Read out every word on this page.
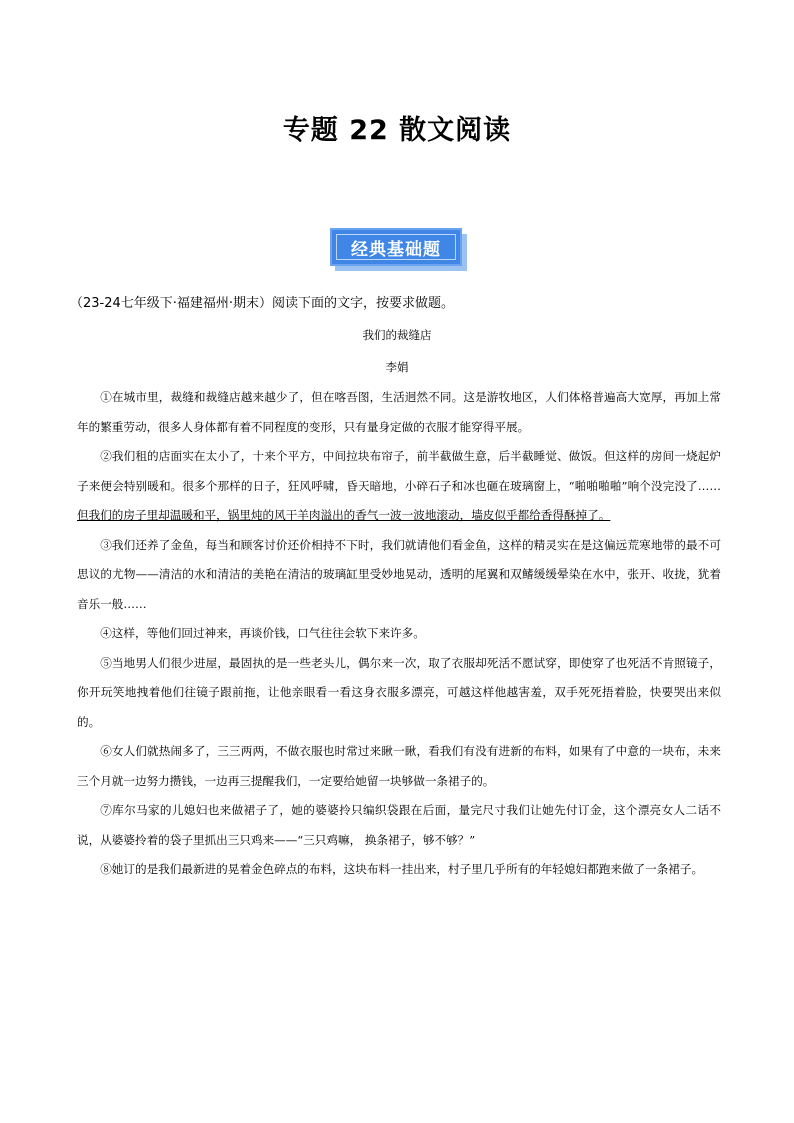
专题 22 散文阅读
经典基础题
（23-24七年级下·福建福州·期末）阅读下面的文字，按要求做题。
我们的裁缝店
李娟

①在城市里，裁缝和裁缝店越来越少了，但在喀吾图，生活迥然不同。这是游牧地区，人们体格普遍高大宽厚，再加上常年的繁重劳动，很多人身体都有着不同程度的变形，只有量身定做的衣服才能穿得平展。

②我们租的店面实在太小了，十来个平方，中间拉块布帘子，前半截做生意，后半截睡觉、做饭。但这样的房间一烧起炉子来便会特别暖和。很多个那样的日子，狂风呼啸，昏天暗地，小碎石子和冰也砸在玻璃窗上，“啪啪啪啪”响个没完没了……但我们的房子里却温暖和平，锅里炖的风干羊肉溢出的香气一波一波地滚动，墙皮似乎都给香得酥掉了。

③我们还养了金鱼，每当和顾客讨价还价相持不下时，我们就请他们看金鱼，这样的精灵实在是这偏远荒寒地带的最不可思议的尤物——清洁的水和清洁的美艳在清洁的玻璃缸里受妙地晃动，透明的尾翼和双鳍缓缓晕染在水中，张开、收拢，犹着音乐一般……

④这样，等他们回过神来，再谈价钱，口气往往会软下来许多。

⑤当地男人们很少进屋，最固执的是一些老头儿，偶尔来一次，取了衣服却死活不愿试穿，即使穿了也死活不肯照镜子，你开玩笑地拽着他们往镜子跟前拖，让他亲眼看一看这身衣服多漂亮，可越这样他越害羞，双手死死捂着脸，快要哭出来似的。

⑥女人们就热闹多了，三三两两，不做衣服也时常过来瞅一瞅，看我们有没有进新的布料，如果有了中意的一块布，未来三个月就一边努力攒钱，一边再三提醒我们，一定要给她留一块够做一条裙子的。

⑦库尔马家的儿媳妇也来做裙子了，她的婆婆拎只编织袋跟在后面，量完尺寸我们让她先付订金，这个漂亮女人二话不说，从婆婆拎着的袋子里抓出三只鸡来——“三只鸡嘛， 换条裙子，够不够？”

⑧她订的是我们最新进的晃着金色碎点的布料，这块布料一挂出来，村子里几乎所有的年轻媳妇都跑来做了一条裙子。
